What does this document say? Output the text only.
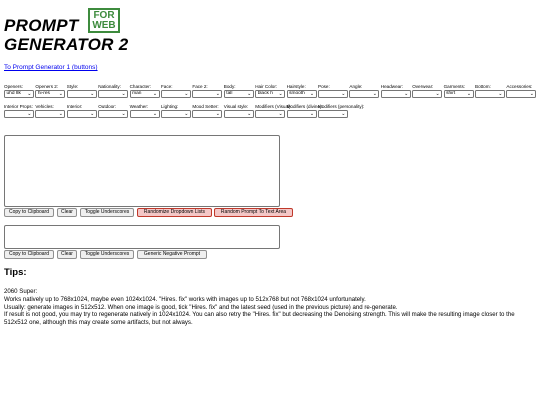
PROMPT
GENERATOR 2
FOR
WEB
To Prompt Generator 1 (buttons)
Openers:
uhd 8k ⌄
Openers 2:
hi-res ⌄
Style:
⌄
Nationality:
⌄
Character:
man ⌄
Face:
⌄
Face 2:
⌄
Body:
tall	⌄
Hair Color:
black h ⌄
Hairstyle:
smooth ⌄
Pose:
⌄
Angle:
⌄
Headwear:
⌄
Overwear:
⌄
Garments:
shirt ⌄
Bottom:
⌄
Accessories:
⌄
Interior Props:
⌄
Vehicles:
⌄
Interior:
⌄
Outdoor:
⌄
Weather:
⌄
Lighting:
⌄
Mood Setter:
⌄
Visual style:
⌄
Modifiers (Visual):
⌄
Modifiers (divine):
⌄
Modifiers (personality):
⌄
Copy to Clipboard	Clear	Toggle Underscores	Randomize Dropdown Lists	Random Prompt To Text Area
Copy to Clipboard	Clear	Toggle Underscores	Generic Negative Prompt
Tips:
2060 Super:
Works natively up to 768x1024, maybe even 1024x1024. "Hires. fix" works with images up to 512x768 but not 768x1024 unfortunately.
Usually: generate images in 512x512. When one image is good, tick "Hires. fix" and the latest seed (used in the previous picture) and re-generate.
If result is not good, you may try to regenerate natively in 1024x1024. You can also retry the "Hires. fix" but decreasing the Denoising strength. This will make the resulting image closer to the 512x512 one, although this may create some artifacts, but not always.
